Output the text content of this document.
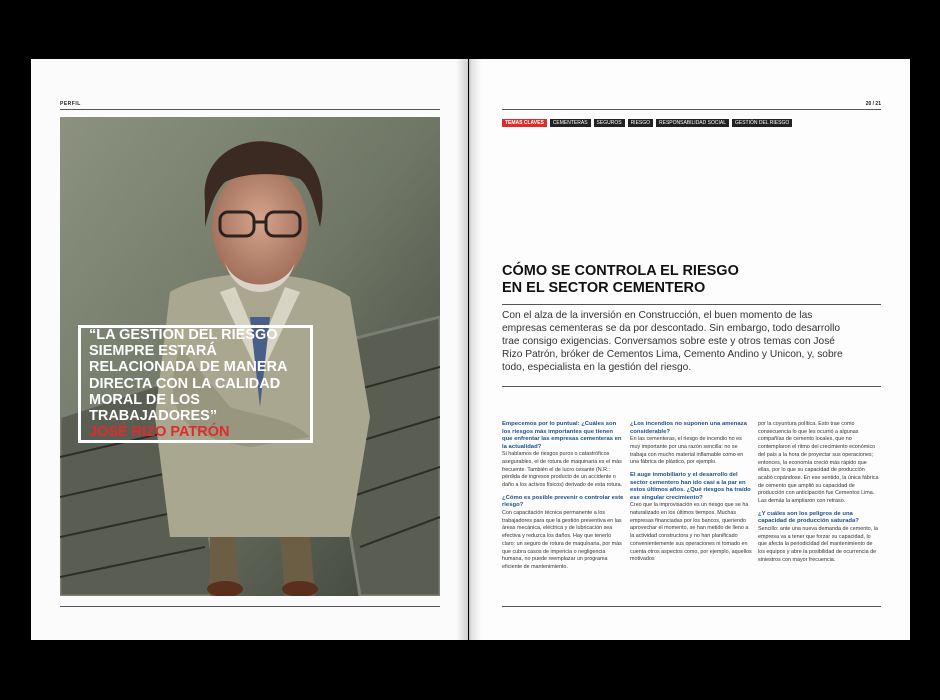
PERFIL
“LA GESTIÓN DEL RIESGO SIEMPRE ESTARÁ RELACIONADA DE MANERA DIRECTA CON LA CALIDAD MORAL DE LOS TRABAJADORES”
JOSÉ RIZO PATRÓN
20 / 21
TEMAS CLAVES	CEMENTERAS	SEGUROS	RIESGO	RESPONSABILIDAD SOCIAL	GESTIÓN DEL RIESGO
CÓMO SE CONTROLA EL RIESGO
EN EL SECTOR CEMENTERO
Con el alza de la inversión en Construcción, el buen momento de las empresas cementeras se da por descontado. Sin embargo, todo desarrollo trae consigo exigencias. Conversamos sobre este y otros temas con José Rizo Patrón, bróker de Cementos Lima, Cemento Andino y Unicon, y, sobre todo, especialista en la gestión del riesgo.

Empecemos por lo puntual: ¿Cuáles son los riesgos más importantes que tienen que enfrentar las empresas cementeras en la actualidad?

Si hablamos de riesgos puros o catastróficos asegurables, el de rotura de maquinaria es el más frecuente. También el de lucro cesante (N.R.: pérdida de ingresos producto de un accidente o daño a los activos físicos) derivado de esta rotura.

¿Cómo es posible prevenir o controlar este riesgo?

Con capacitación técnica permanente a los trabajadores para que la gestión preventiva en las áreas mecánica, eléctrica y de lubricación sea efectiva y reduzca los daños. Hay que tenerlo claro: un seguro de rotura de maquinaria, por más que cubra casos de impericia o negligencia humana, no puede reemplazar un programa eficiente de mantenimiento.

¿Los incendios no suponen una amenaza considerable?

En las cementeras, el riesgo de incendio no es muy importante por una razón sencilla: no se trabaja con mucho material inflamable como en una fábrica de plástico, por ejemplo.

El auge inmobiliario y el desarrollo del sector cementero han ido casi a la par en estos últimos años. ¿Qué riesgos ha traído ese singular crecimiento?

Creo que la improvisación es un riesgo que se ha naturalizado en los últimos tiempos. Muchas empresas financiadas por los bancos, queriendo aprovechar el momento, se han metido de lleno a la actividad constructora y no han planificado convenientemente sus operaciones ni tomado en cuenta otros aspectos como, por ejemplo, aquellos motivados

por la coyuntura política. Esto trae como consecuencia lo que les ocurrió a algunas compañías de cemento locales, que no contemplaron el ritmo del crecimiento económico del país a la hora de proyectar sus operaciones; entonces, la economía creció más rápido que ellas, por lo que su capacidad de producción acabó copándose. En ese sentido, la única fábrica de cemento que amplió su capacidad de producción con anticipación fue Cementos Lima. Las demás la ampliaron con retraso.

¿Y cuáles son los peligros de una capacidad de producción saturada?

Sencillo: ante una nueva demanda de cemento, la empresa va a tener que forzar su capacidad, lo que afecta la periodicidad del mantenimiento de los equipos y abre la posibilidad de ocurrencia de siniestros con mayor frecuencia.
